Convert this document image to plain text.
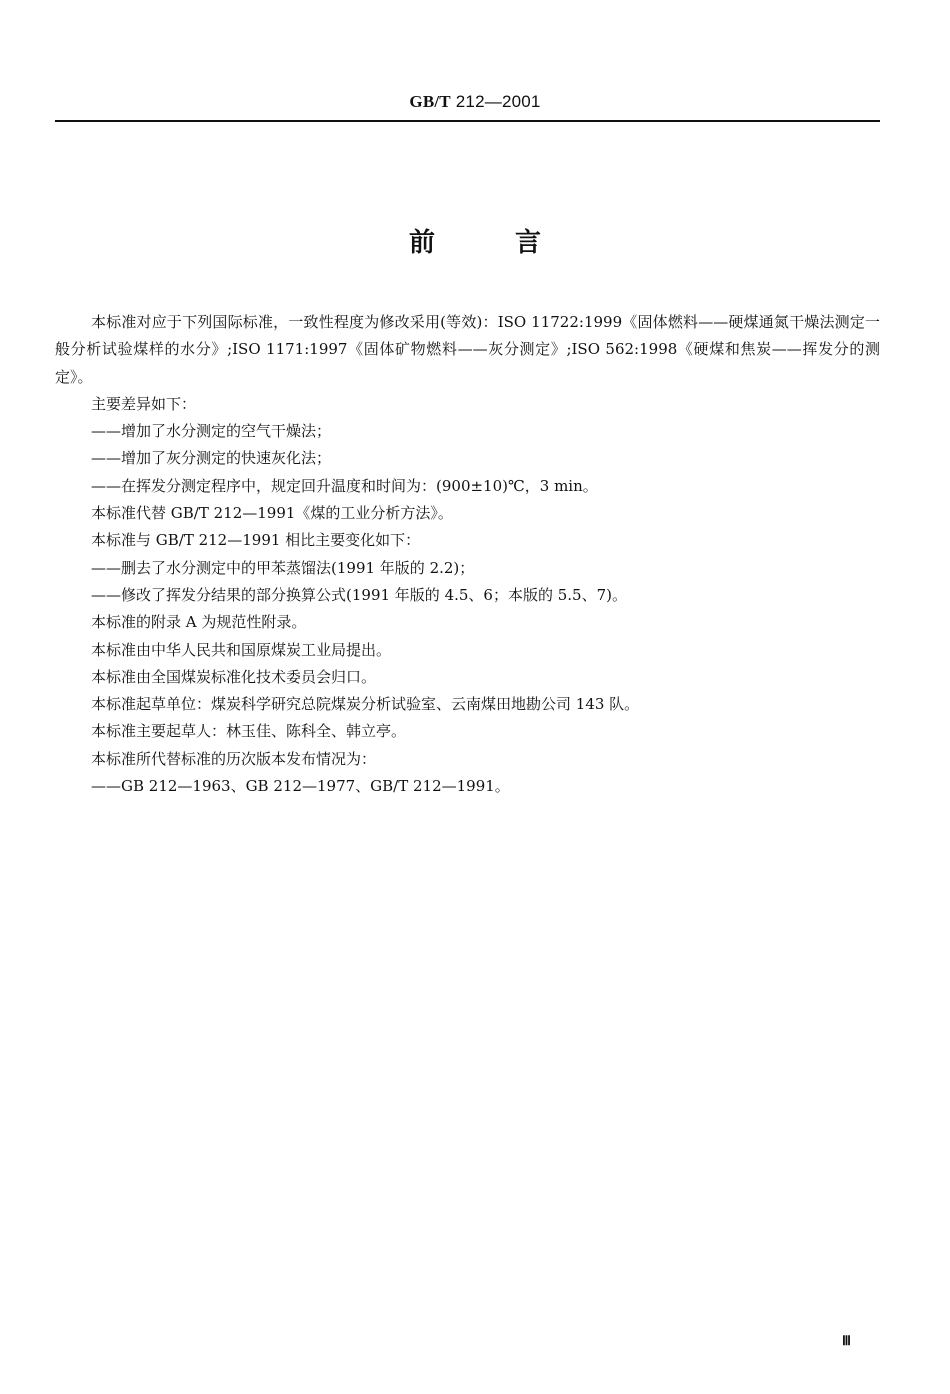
GB/T 212—2001
前	言

本标准对应于下列国际标准，一致性程度为修改采用(等效)：ISO 11722:1999《固体燃料——硬煤通氮干燥法测定一般分析试验煤样的水分》;ISO 1171:1997《固体矿物燃料——灰分测定》;ISO 562:1998《硬煤和焦炭——挥发分的测定》。

主要差异如下：

——增加了水分测定的空气干燥法；

——增加了灰分测定的快速灰化法；

——在挥发分测定程序中，规定回升温度和时间为：(900±10)℃，3 min。

本标准代替 GB/T 212—1991《煤的工业分析方法》。

本标准与 GB/T 212—1991 相比主要变化如下：

——删去了水分测定中的甲苯蒸馏法(1991 年版的 2.2)；

——修改了挥发分结果的部分换算公式(1991 年版的 4.5、6；本版的 5.5、7)。

本标准的附录 A 为规范性附录。

本标准由中华人民共和国原煤炭工业局提出。

本标准由全国煤炭标准化技术委员会归口。

本标准起草单位：煤炭科学研究总院煤炭分析试验室、云南煤田地勘公司 143 队。

本标准主要起草人：林玉佳、陈科全、韩立亭。

本标准所代替标准的历次版本发布情况为：

——GB 212—1963、GB 212—1977、GB/T 212—1991。

Ⅲ
